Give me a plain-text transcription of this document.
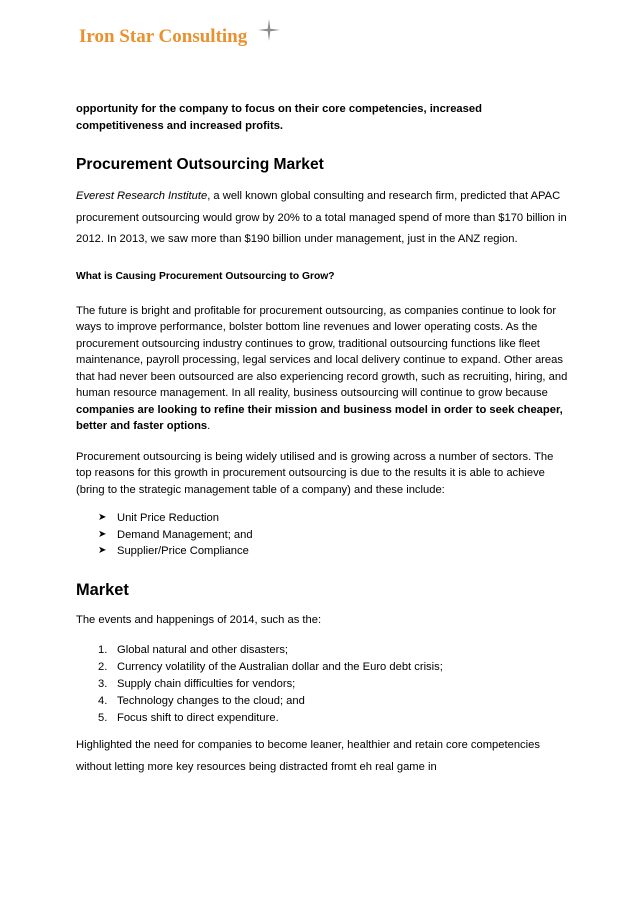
Iron Star Consulting

opportunity for the company to focus on their core competencies, increased competitiveness and increased profits.

Procurement Outsourcing Market

Everest Research Institute, a well known global consulting and research firm, predicted that APAC procurement outsourcing would grow by 20% to a total managed spend of more than $170 billion in 2012. In 2013, we saw more than $190 billion under management, just in the ANZ region.

What is Causing Procurement Outsourcing to Grow?

The future is bright and profitable for procurement outsourcing, as companies continue to look for ways to improve performance, bolster bottom line revenues and lower operating costs. As the procurement outsourcing industry continues to grow, traditional outsourcing functions like fleet maintenance, payroll processing, legal services and local delivery continue to expand. Other areas that had never been outsourced are also experiencing record growth, such as recruiting, hiring, and human resource management. In all reality, business outsourcing will continue to grow because companies are looking to refine their mission and business model in order to seek cheaper, better and faster options.

Procurement outsourcing is being widely utilised and is growing across a number of sectors. The top reasons for this growth in procurement outsourcing is due to the results it is able to achieve (bring to the strategic management table of a company) and these include:

➤ Unit Price Reduction
➤ Demand Management; and
➤ Supplier/Price Compliance
Market

The events and happenings of 2014, such as the:

1. Global natural and other disasters;
2. Currency volatility of the Australian dollar and the Euro debt crisis;
3. Supply chain difficulties for vendors;
4. Technology changes to the cloud; and
5. Focus shift to direct expenditure.

Highlighted the need for companies to become leaner, healthier and retain core competencies without letting more key resources being distracted fromt eh real game in
